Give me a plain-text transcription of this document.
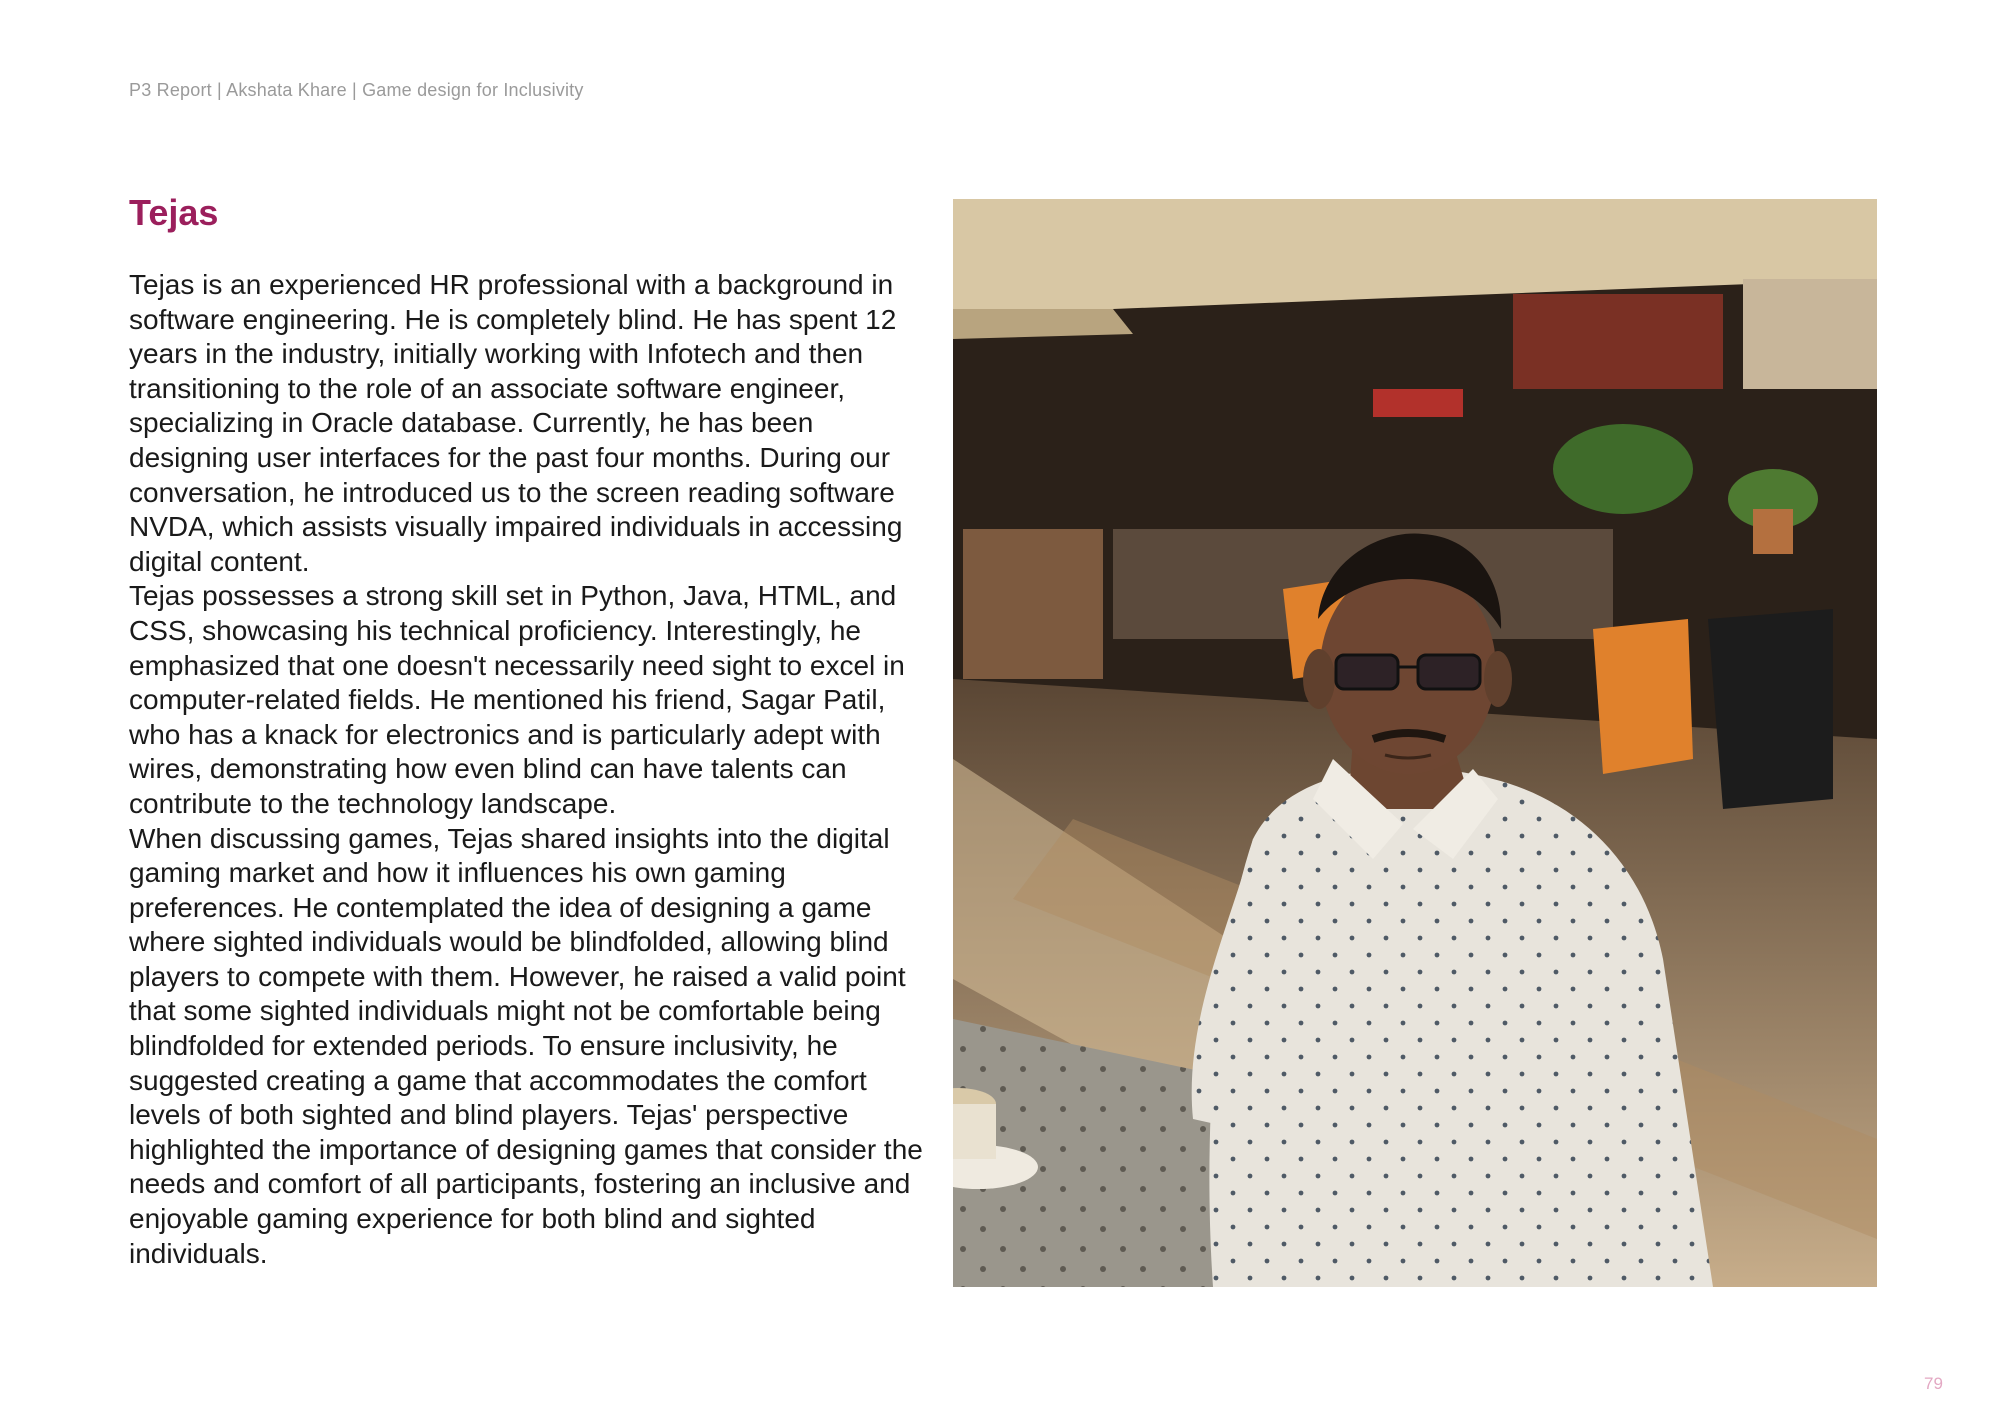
P3 Report | Akshata Khare | Game design for Inclusivity
Tejas

Tejas is an experienced HR professional with a background in software engineering. He is completely blind. He has spent 12 years in the industry, initially working with Infotech and then transitioning to the role of an associate software engineer, specializing in Oracle database. Currently, he has been designing user interfaces for the past four months. During our conversation, he introduced us to the screen reading software NVDA, which assists visually impaired individuals in accessing digital content.

Tejas possesses a strong skill set in Python, Java, HTML, and CSS, showcasing his technical proficiency. Interestingly, he emphasized that one doesn't necessarily need sight to excel in computer-related fields. He mentioned his friend, Sagar Patil, who has a knack for electronics and is particularly adept with wires, demonstrating how even blind can have talents can contribute to the technology landscape.

When discussing games, Tejas shared insights into the digital gaming market and how it influences his own gaming preferences. He contemplated the idea of designing a game where sighted individuals would be blindfolded, allowing blind players to compete with them. However, he raised a valid point that some sighted individuals might not be comfortable being blindfolded for extended periods. To ensure inclusivity, he suggested creating a game that accommodates the comfort levels of both sighted and blind players. Tejas' perspective highlighted the importance of designing games that consider the needs and comfort of all participants, fostering an inclusive and enjoyable gaming experience for both blind and sighted individuals.

79
